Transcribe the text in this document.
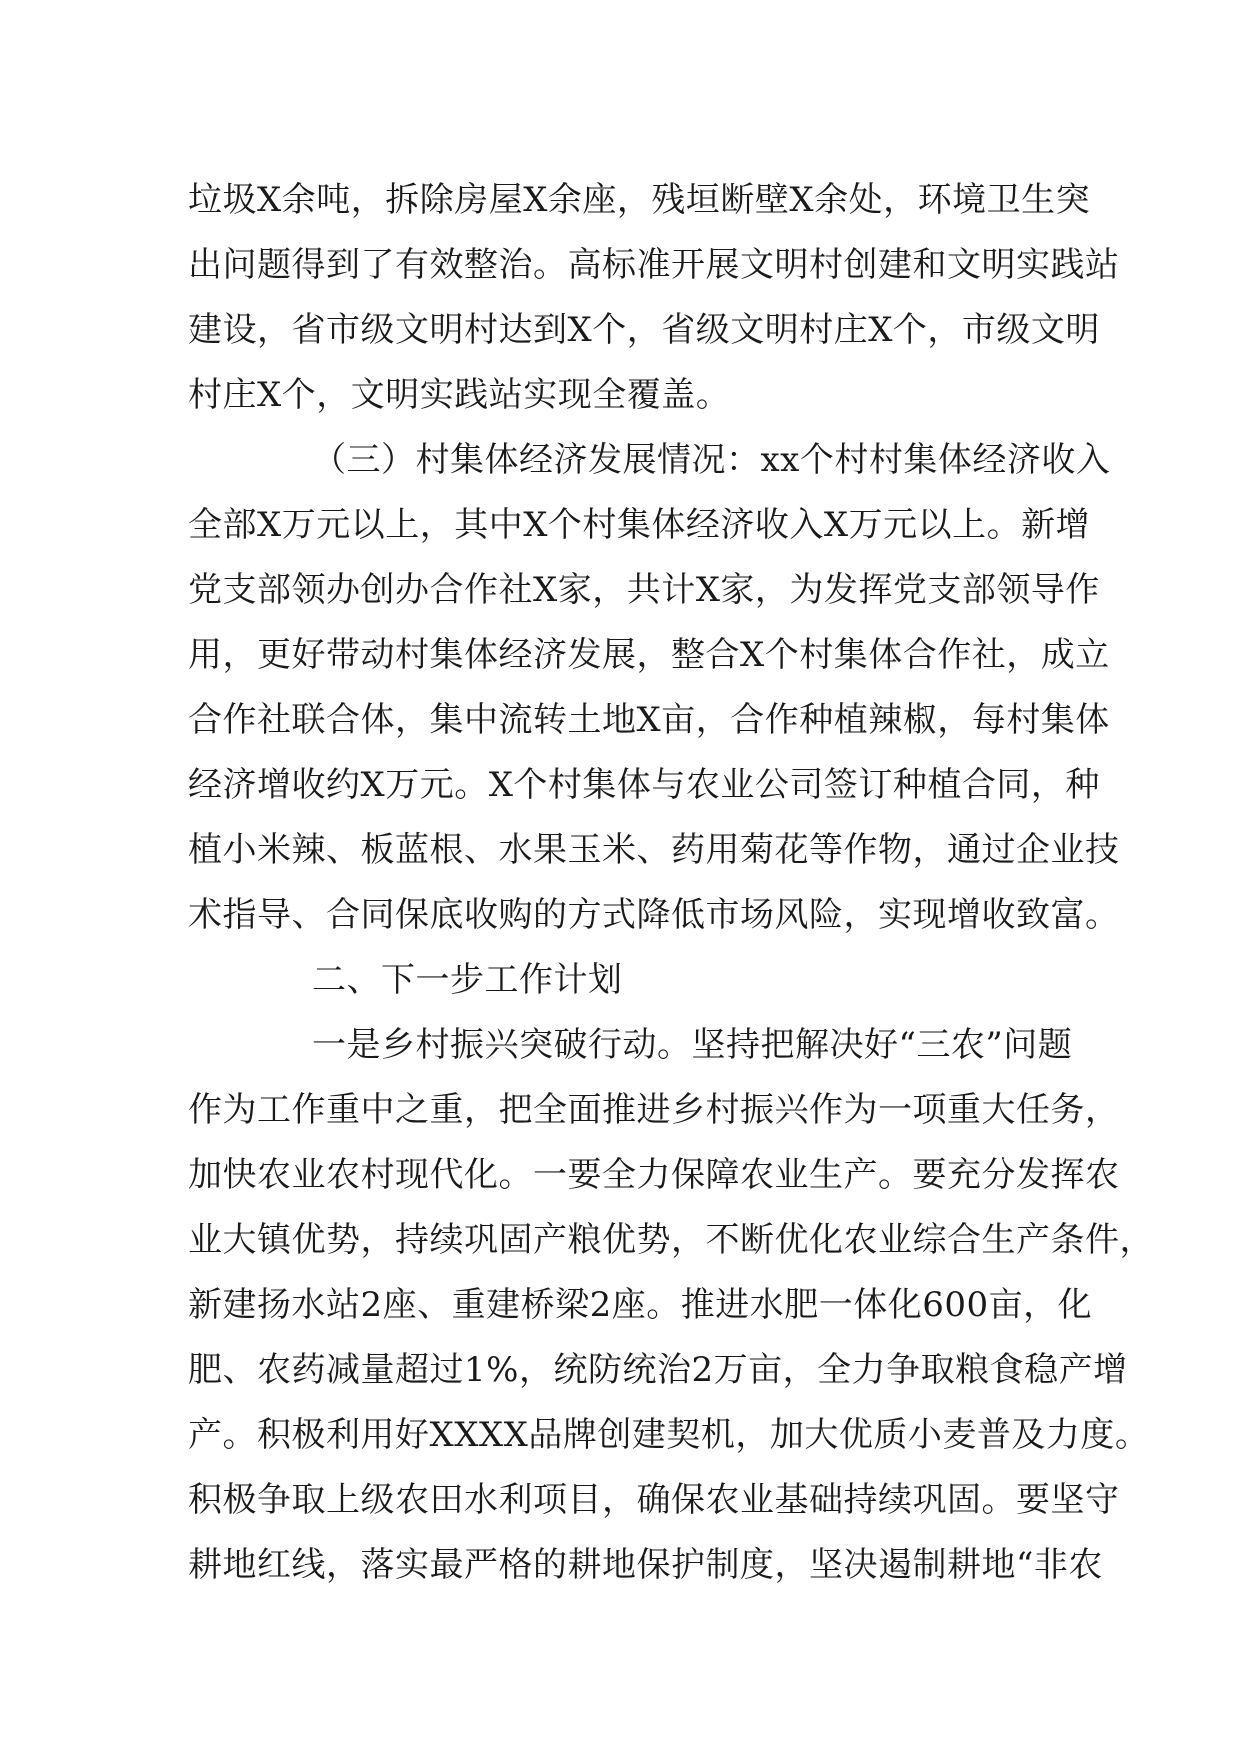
垃圾X余吨，拆除房屋X余座，残垣断壁X余处，环境卫生突
出问题得到了有效整治。高标准开展文明村创建和文明实践站
建设，省市级文明村达到X个，省级文明村庄X个，市级文明
村庄X个，文明实践站实现全覆盖。
（三）村集体经济发展情况：xx个村村集体经济收入
全部X万元以上，其中X个村集体经济收入X万元以上。新增
党支部领办创办合作社X家，共计X家，为发挥党支部领导作
用，更好带动村集体经济发展，整合X个村集体合作社，成立
合作社联合体，集中流转土地X亩，合作种植辣椒，每村集体
经济增收约X万元。X个村集体与农业公司签订种植合同，种
植小米辣、板蓝根、水果玉米、药用菊花等作物，通过企业技
术指导、合同保底收购的方式降低市场风险，实现增收致富。
二、下一步工作计划
一是乡村振兴突破行动。坚持把解决好“三农”问题
作为工作重中之重，把全面推进乡村振兴作为一项重大任务，
加快农业农村现代化。一要全力保障农业生产。要充分发挥农
业大镇优势，持续巩固产粮优势，不断优化农业综合生产条件，
新建扬水站2座、重建桥梁2座。推进水肥一体化600亩，化
肥、农药减量超过1%，统防统治2万亩，全力争取粮食稳产增
产。积极利用好XXXX品牌创建契机，加大优质小麦普及力度。
积极争取上级农田水利项目，确保农业基础持续巩固。要坚守
耕地红线，落实最严格的耕地保护制度，坚决遏制耕地“非农
